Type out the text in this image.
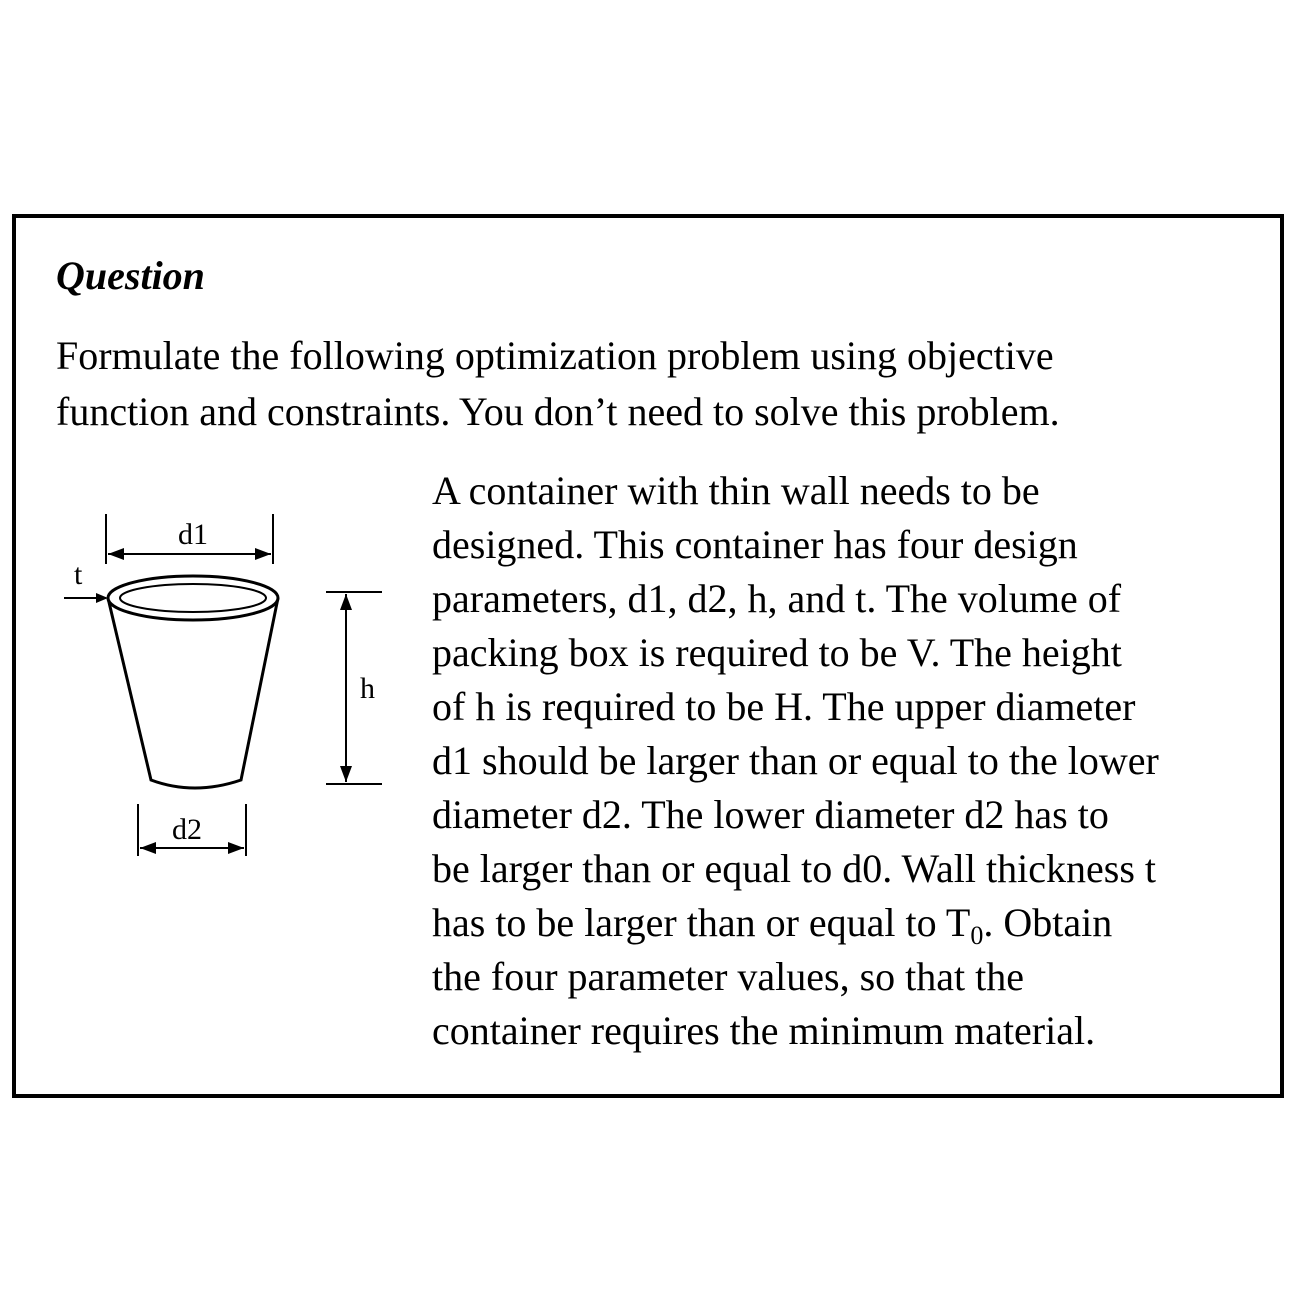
Question

Formulate the following optimization problem using objective
function and constraints. You don’t need to solve this problem.

d1
t
h
d2

A container with thin wall needs to be
designed. This container has four design
parameters, d1, d2, h, and t. The volume of
packing box is required to be V. The height
of h is required to be H. The upper diameter
d1 should be larger than or equal to the lower
diameter d2. The lower diameter d2 has to
be larger than or equal to d0. Wall thickness t
has to be larger than or equal to $T_0$. Obtain
the four parameter values, so that the
container requires the minimum material.
